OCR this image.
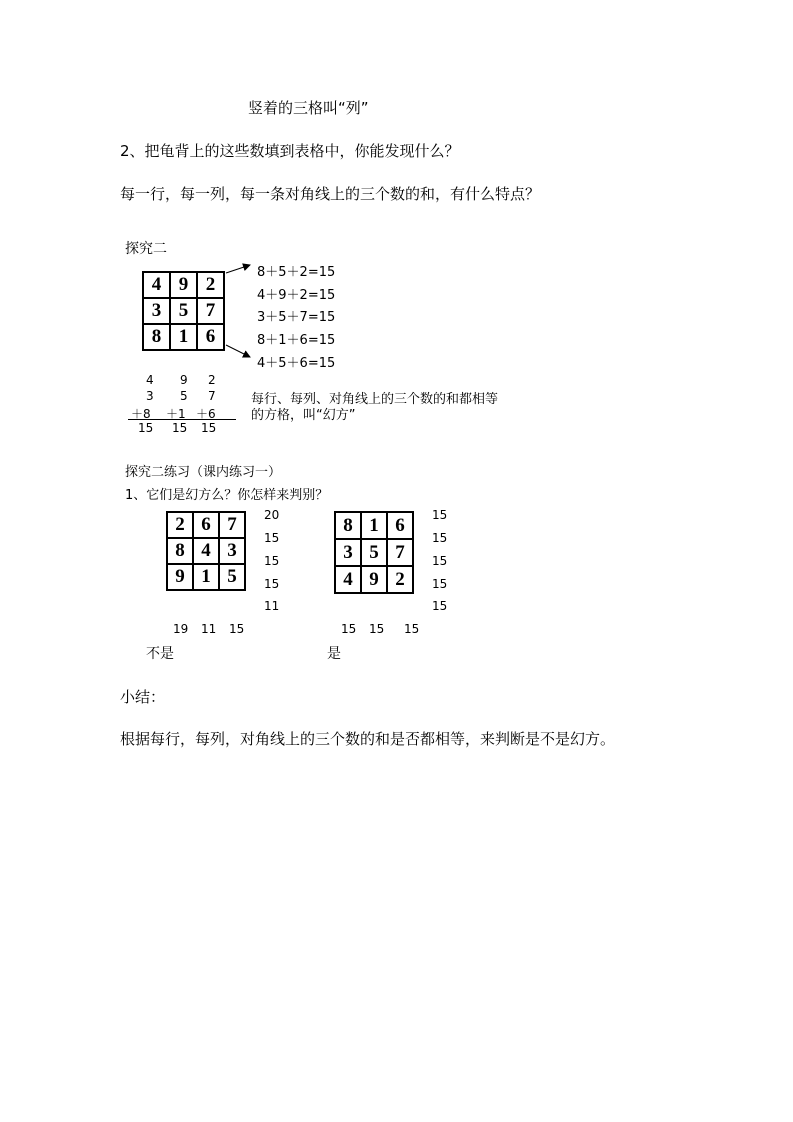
竖着的三格叫“列”
2、把龟背上的这些数填到表格中，你能发现什么？
每一行，每一列，每一条对角线上的三个数的和，有什么特点？
探究二
4	9	2
3	5	7
8	1	6
8＋5＋2=15
4＋9＋2=15
3＋5＋7=15
8＋1＋6=15
4＋5＋6=15
4 9 2
3 5 7
＋8 ＋1 ＋6
15 15 15
每行、每列、对角线上的三个数的和都相等
的方格，叫“幻方”
探究二练习（课内练习一）
1、它们是幻方么？你怎样来判别？
2	6	7
8	4	3
9	1	5
20
15
15
15
11
19 11 15
不是
8	1	6
3	5	7
4	9	2
15
15
15
15
15
15 15 15
是
小结：
根据每行，每列，对角线上的三个数的和是否都相等，来判断是不是幻方。
